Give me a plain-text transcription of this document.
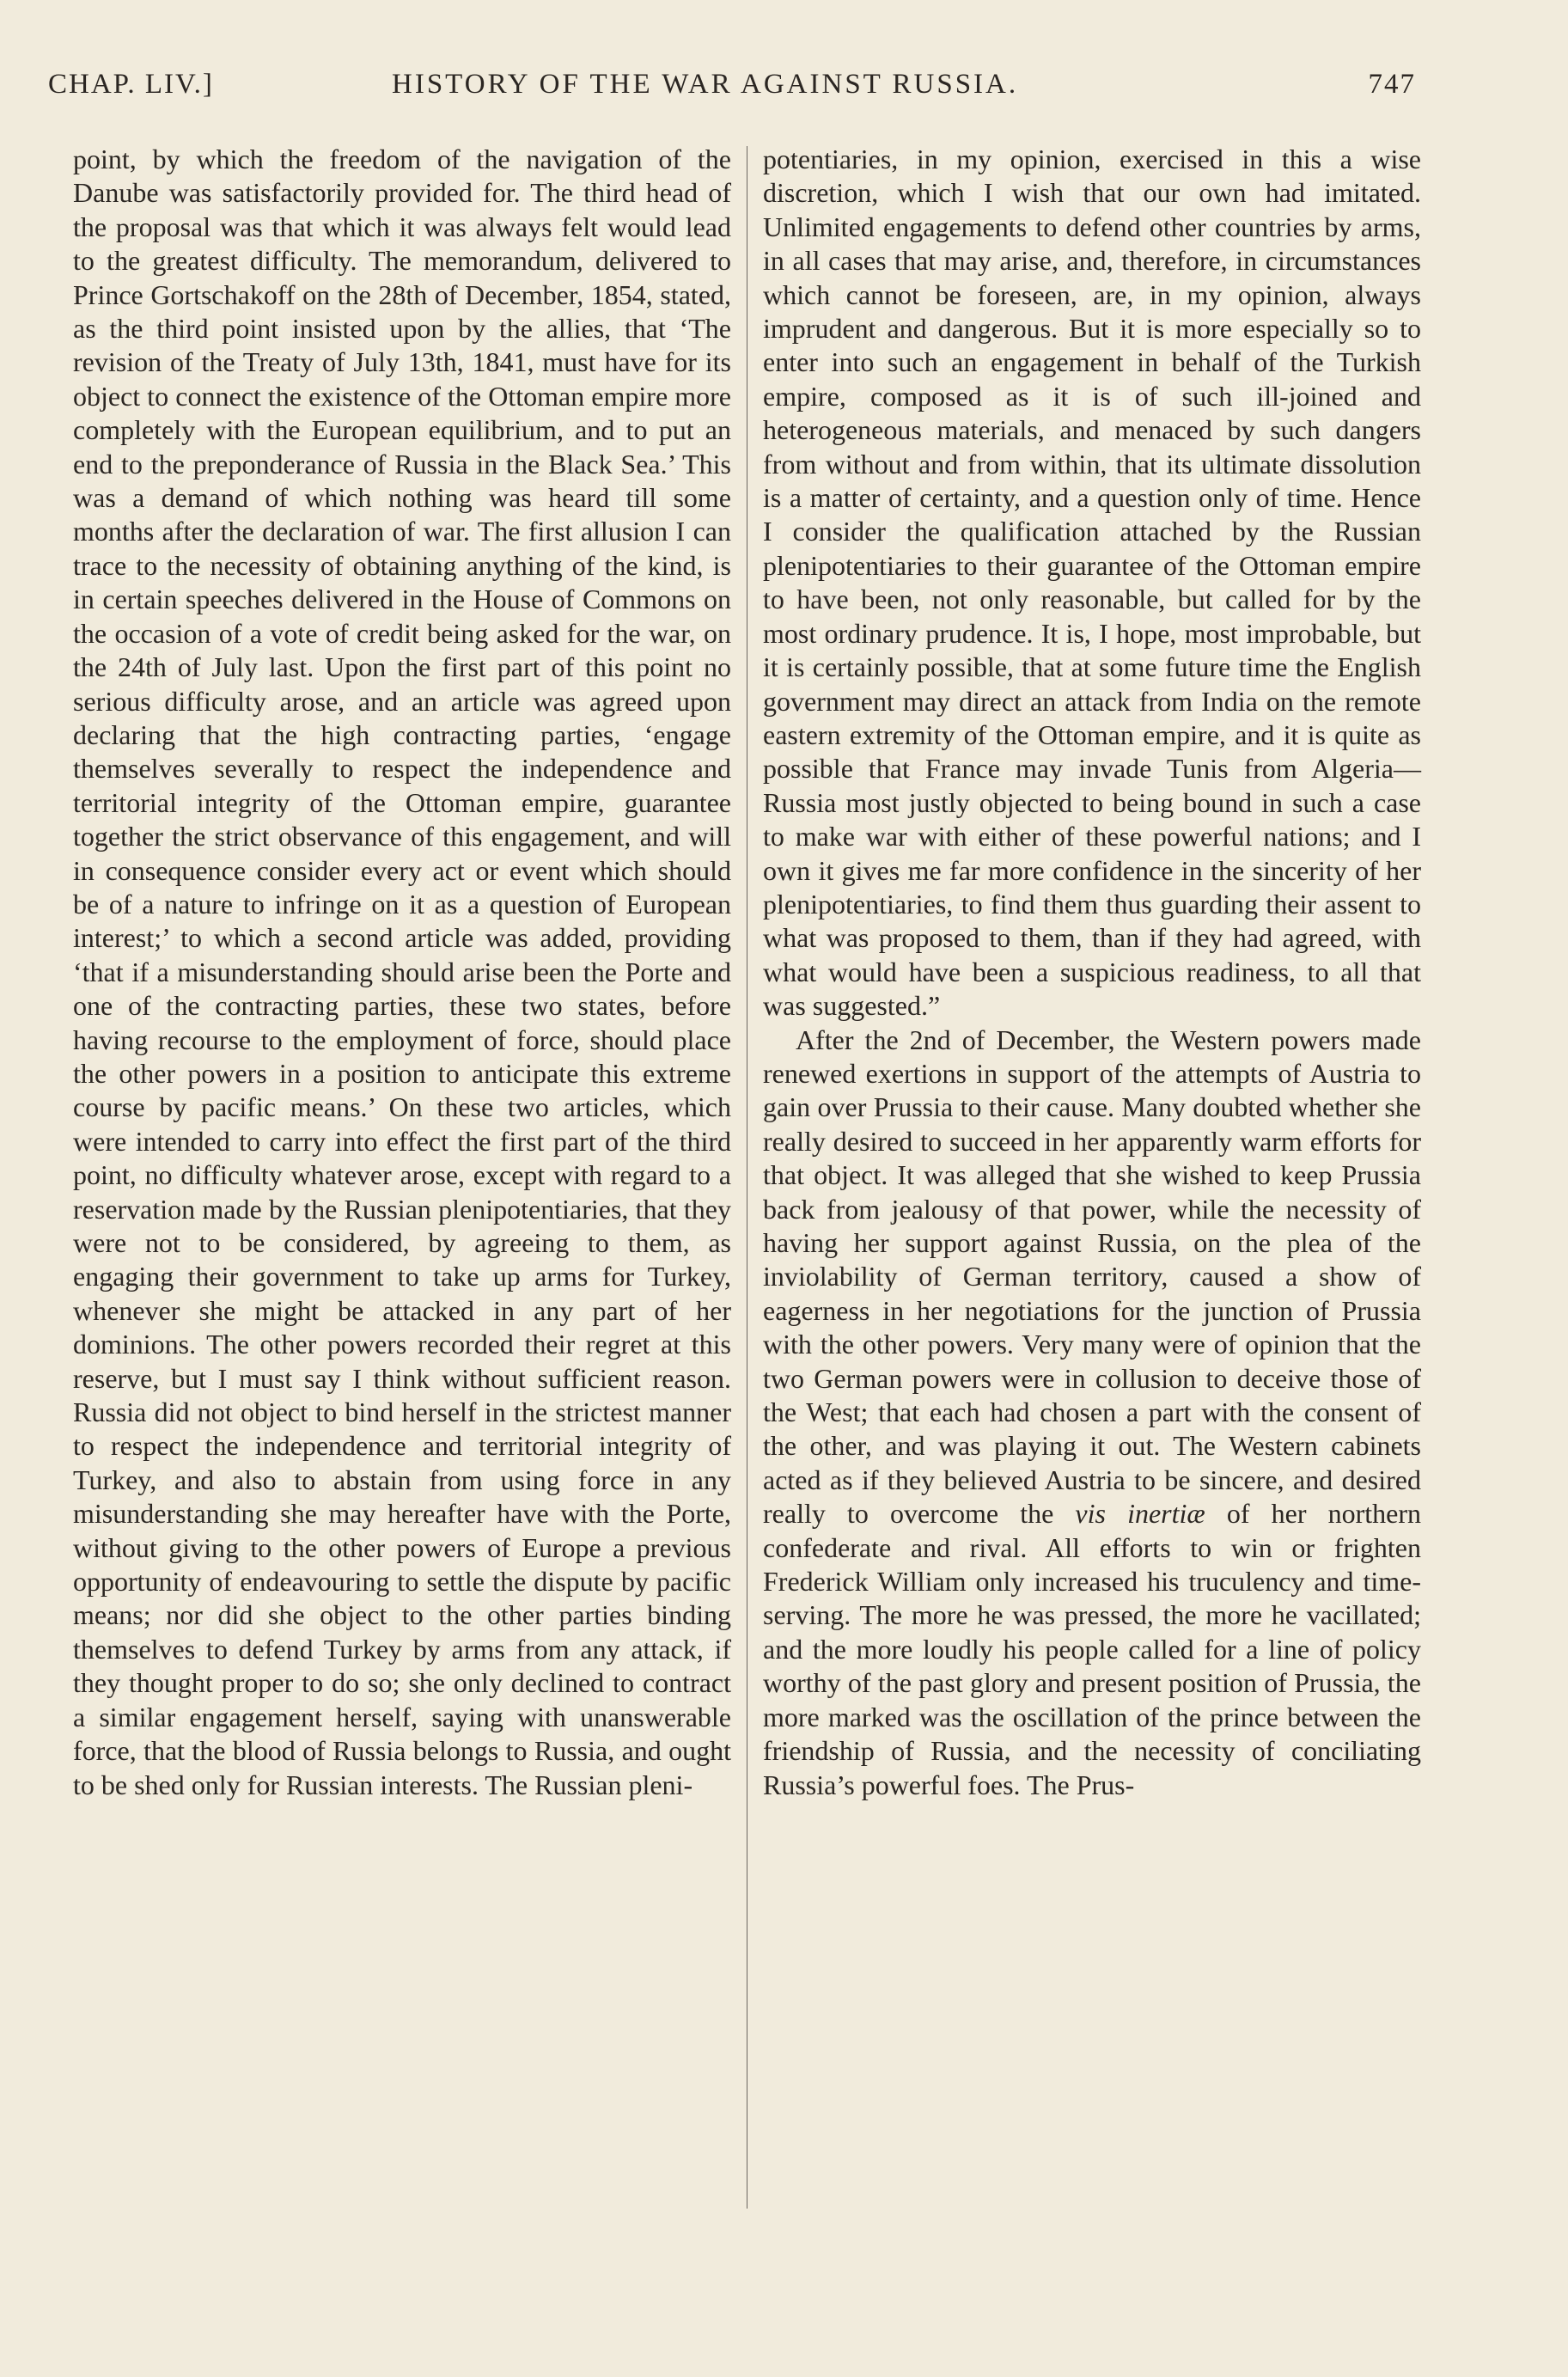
CHAP. LIV.]	HISTORY OF THE WAR AGAINST RUSSIA.	747

point, by which the freedom of the navigation of the Danube was satisfactorily provided for. The third head of the proposal was that which it was always felt would lead to the greatest difficulty. The memorandum, delivered to Prince Gortschakoff on the 28th of December, 1854, stated, as the third point insisted upon by the allies, that ‘The revision of the Treaty of July 13th, 1841, must have for its object to connect the existence of the Ottoman empire more completely with the European equilibrium, and to put an end to the preponderance of Russia in the Black Sea.’ This was a demand of which nothing was heard till some months after the declaration of war. The first allusion I can trace to the necessity of obtaining anything of the kind, is in certain speeches delivered in the House of Commons on the occasion of a vote of credit being asked for the war, on the 24th of July last. Upon the first part of this point no serious difficulty arose, and an article was agreed upon declaring that the high contracting parties, ‘engage themselves severally to respect the independence and territorial integrity of the Ottoman empire, guarantee together the strict observance of this engagement, and will in consequence consider every act or event which should be of a nature to infringe on it as a question of European interest;’ to which a second article was added, providing ‘that if a misunderstanding should arise been the Porte and one of the contracting parties, these two states, before having recourse to the employment of force, should place the other powers in a position to anticipate this extreme course by pacific means.’ On these two articles, which were intended to carry into effect the first part of the third point, no difficulty whatever arose, except with regard to a reservation made by the Russian plenipotentiaries, that they were not to be considered, by agreeing to them, as engaging their government to take up arms for Turkey, whenever she might be attacked in any part of her dominions. The other powers recorded their regret at this reserve, but I must say I think without sufficient reason. Russia did not object to bind herself in the strictest manner to respect the independence and territorial integrity of Turkey, and also to abstain from using force in any misunderstanding she may hereafter have with the Porte, without giving to the other powers of Europe a previous opportunity of endeavouring to settle the dispute by pacific means; nor did she object to the other parties binding themselves to defend Turkey by arms from any attack, if they thought proper to do so; she only declined to contract a similar engagement herself, saying with unanswerable force, that the blood of Russia belongs to Russia, and ought to be shed only for Russian interests. The Russian pleni-

potentiaries, in my opinion, exercised in this a wise discretion, which I wish that our own had imitated. Unlimited engagements to defend other countries by arms, in all cases that may arise, and, therefore, in circumstances which cannot be foreseen, are, in my opinion, always imprudent and dangerous. But it is more especially so to enter into such an engagement in behalf of the Turkish empire, composed as it is of such ill-joined and heterogeneous materials, and menaced by such dangers from without and from within, that its ultimate dissolution is a matter of certainty, and a question only of time. Hence I consider the qualification attached by the Russian plenipotentiaries to their guarantee of the Ottoman empire to have been, not only reasonable, but called for by the most ordinary prudence. It is, I hope, most improbable, but it is certainly possible, that at some future time the English government may direct an attack from India on the remote eastern extremity of the Ottoman empire, and it is quite as possible that France may invade Tunis from Algeria—Russia most justly objected to being bound in such a case to make war with either of these powerful nations; and I own it gives me far more confidence in the sincerity of her plenipotentiaries, to find them thus guarding their assent to what was proposed to them, than if they had agreed, with what would have been a suspicious readiness, to all that was suggested.”

After the 2nd of December, the Western powers made renewed exertions in support of the attempts of Austria to gain over Prussia to their cause. Many doubted whether she really desired to succeed in her apparently warm efforts for that object. It was alleged that she wished to keep Prussia back from jealousy of that power, while the necessity of having her support against Russia, on the plea of the inviolability of German territory, caused a show of eagerness in her negotiations for the junction of Prussia with the other powers. Very many were of opinion that the two German powers were in collusion to deceive those of the West; that each had chosen a part with the consent of the other, and was playing it out. The Western cabinets acted as if they believed Austria to be sincere, and desired really to overcome the vis inertiæ of her northern confederate and rival. All efforts to win or frighten Frederick William only increased his truculency and time-serving. The more he was pressed, the more he vacillated; and the more loudly his people called for a line of policy worthy of the past glory and present position of Prussia, the more marked was the oscillation of the prince between the friendship of Russia, and the necessity of conciliating Russia’s powerful foes. The Prus-
